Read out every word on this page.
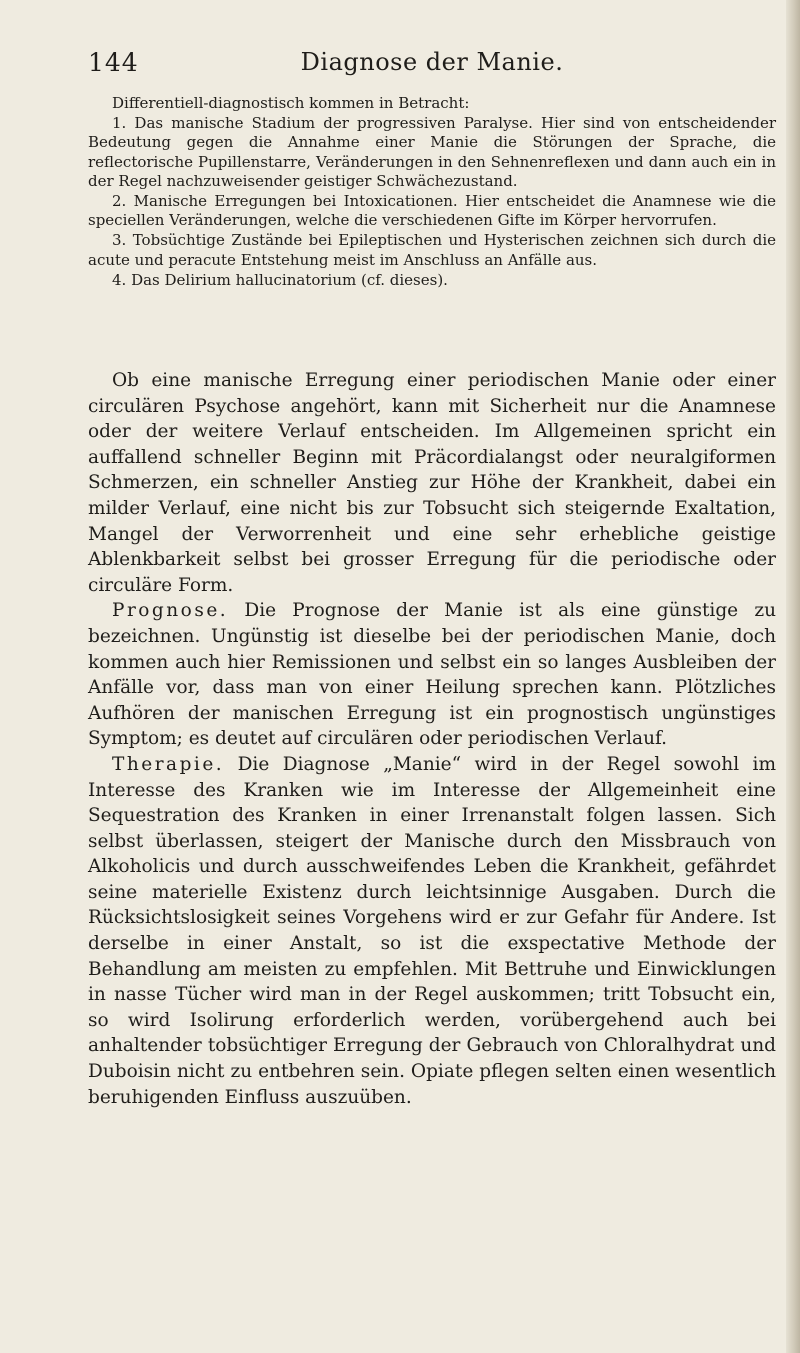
Diagnose der Manie.
144

Differentiell-diagnostisch kommen in Betracht:

1. Das manische Stadium der progressiven Paralyse. Hier sind von entscheidender Bedeutung gegen die Annahme einer Manie die Störungen der Sprache, die reflectorische Pupillenstarre, Veränderungen in den Sehnenreflexen und dann auch ein in der Regel nachzuweisender geistiger Schwächezustand.

2. Manische Erregungen bei Intoxicationen. Hier entscheidet die Anamnese wie die speciellen Veränderungen, welche die verschiedenen Gifte im Körper hervorrufen.

3. Tobsüchtige Zustände bei Epileptischen und Hysterischen zeichnen sich durch die acute und peracute Entstehung meist im Anschluss an Anfälle aus.

4. Das Delirium hallucinatorium (cf. dieses).

Ob eine manische Erregung einer periodischen Manie oder einer circulären Psychose angehört, kann mit Sicherheit nur die Anamnese oder der weitere Verlauf entscheiden. Im Allgemeinen spricht ein auffallend schneller Beginn mit Präcordialangst oder neuralgiformen Schmerzen, ein schneller Anstieg zur Höhe der Krankheit, dabei ein milder Verlauf, eine nicht bis zur Tobsucht sich steigernde Exaltation, Mangel der Verworrenheit und eine sehr erhebliche geistige Ablenkbarkeit selbst bei grosser Erregung für die periodische oder circuläre Form.

Prognose. Die Prognose der Manie ist als eine günstige zu bezeichnen. Ungünstig ist dieselbe bei der periodischen Manie, doch kommen auch hier Remissionen und selbst ein so langes Ausbleiben der Anfälle vor, dass man von einer Heilung sprechen kann. Plötzliches Aufhören der manischen Erregung ist ein prognostisch ungünstiges Symptom; es deutet auf circulären oder periodischen Verlauf.

Therapie. Die Diagnose „Manie“ wird in der Regel sowohl im Interesse des Kranken wie im Interesse der Allgemeinheit eine Sequestration des Kranken in einer Irrenanstalt folgen lassen. Sich selbst überlassen, steigert der Manische durch den Missbrauch von Alkoholicis und durch ausschweifendes Leben die Krankheit, gefährdet seine materielle Existenz durch leichtsinnige Ausgaben. Durch die Rücksichtslosigkeit seines Vorgehens wird er zur Gefahr für Andere. Ist derselbe in einer Anstalt, so ist die exspectative Methode der Behandlung am meisten zu empfehlen. Mit Bettruhe und Einwicklungen in nasse Tücher wird man in der Regel auskommen; tritt Tobsucht ein, so wird Isolirung erforderlich werden, vorübergehend auch bei anhaltender tobsüchtiger Erregung der Gebrauch von Chloralhydrat und Duboisin nicht zu entbehren sein. Opiate pflegen selten einen wesentlich beruhigenden Einfluss auszuüben.
